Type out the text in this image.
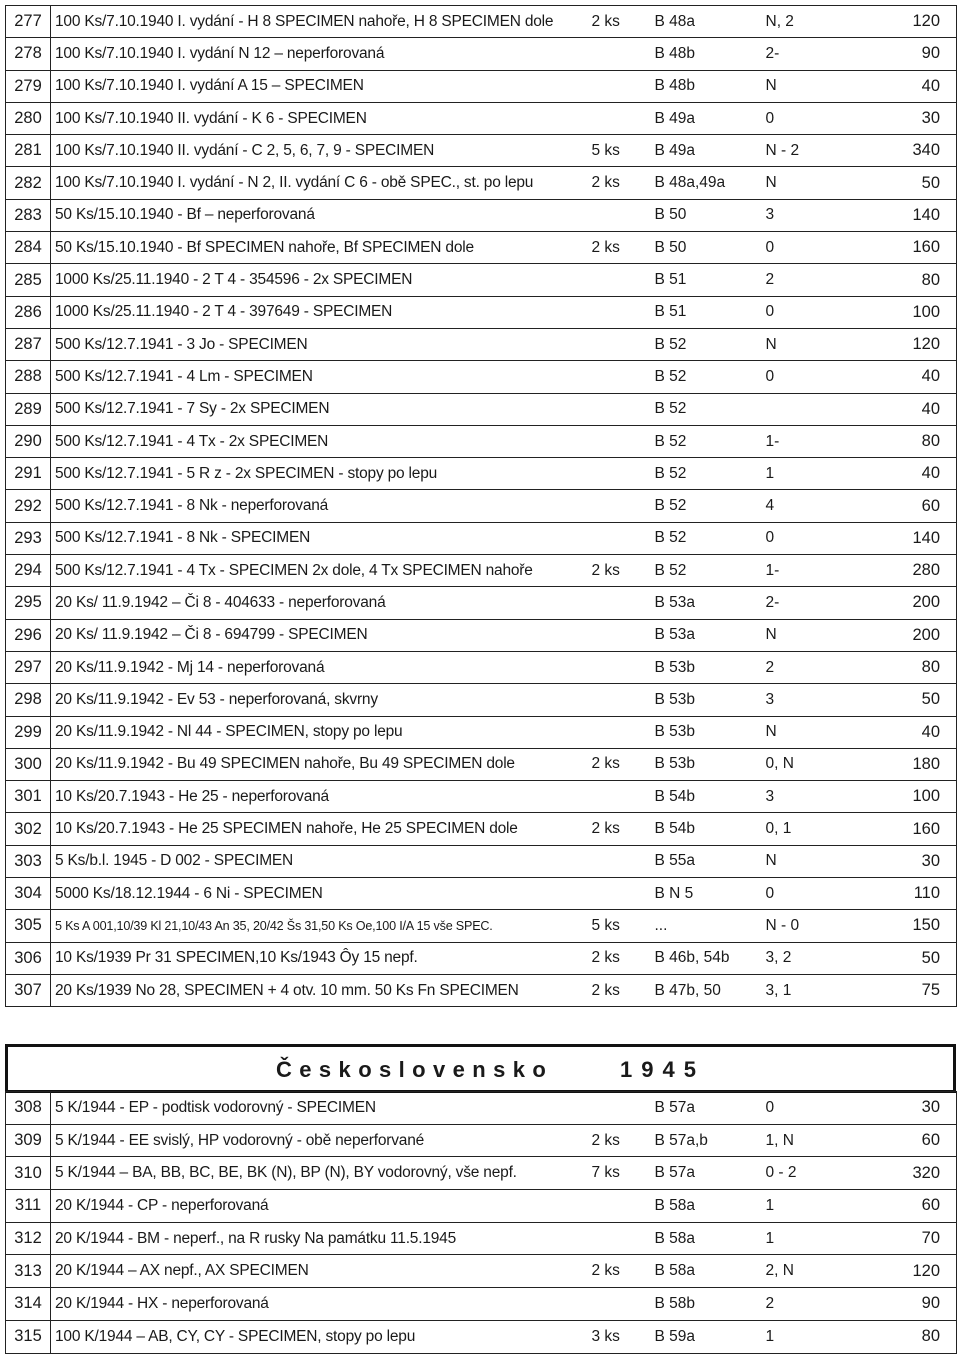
277	100 Ks/7.10.1940 I. vydání - H 8 SPECIMEN nahoře, H 8 SPECIMEN dole	2 ks	B 48a	N, 2	120
278	100 Ks/7.10.1940 I. vydání N 12 – neperforovaná		B 48b	2-	90
279	100 Ks/7.10.1940 I. vydání A 15 – SPECIMEN		B 48b	N	40
280	100 Ks/7.10.1940 II. vydání - K 6 - SPECIMEN		B 49a	0	30
281	100 Ks/7.10.1940 II. vydání - C 2, 5, 6, 7, 9 - SPECIMEN	5 ks	B 49a	N - 2	340
282	100 Ks/7.10.1940 I. vydání - N 2, II. vydání C 6 - obě SPEC., st. po lepu	2 ks	B 48a,49a	N	50
283	50 Ks/15.10.1940 - Bf – neperforovaná		B 50	3	140
284	50 Ks/15.10.1940 - Bf SPECIMEN nahoře, Bf SPECIMEN dole	2 ks	B 50	0	160
285	1000 Ks/25.11.1940 - 2 T 4 - 354596 - 2x SPECIMEN		B 51	2	80
286	1000 Ks/25.11.1940 - 2 T 4 - 397649 - SPECIMEN		B 51	0	100
287	500 Ks/12.7.1941 - 3 Jo - SPECIMEN		B 52	N	120
288	500 Ks/12.7.1941 - 4 Lm - SPECIMEN		B 52	0	40
289	500 Ks/12.7.1941 - 7 Sy - 2x SPECIMEN		B 52		40
290	500 Ks/12.7.1941 - 4 Tx - 2x SPECIMEN		B 52	1-	80
291	500 Ks/12.7.1941 - 5 R z - 2x SPECIMEN - stopy po lepu		B 52	1	40
292	500 Ks/12.7.1941 - 8 Nk - neperforovaná		B 52	4	60
293	500 Ks/12.7.1941 - 8 Nk - SPECIMEN		B 52	0	140
294	500 Ks/12.7.1941 - 4 Tx - SPECIMEN 2x dole, 4 Tx SPECIMEN nahoře	2 ks	B 52	1-	280
295	20 Ks/ 11.9.1942 – Či 8 - 404633 - neperforovaná		B 53a	2-	200
296	20 Ks/ 11.9.1942 – Či 8 - 694799 - SPECIMEN		B 53a	N	200
297	20 Ks/11.9.1942 - Mj 14 - neperforovaná		B 53b	2	80
298	20 Ks/11.9.1942 - Ev 53 - neperforovaná, skvrny		B 53b	3	50
299	20 Ks/11.9.1942 - Nl 44 - SPECIMEN, stopy po lepu		B 53b	N	40
300	20 Ks/11.9.1942 - Bu 49 SPECIMEN nahoře, Bu 49 SPECIMEN dole	2 ks	B 53b	0, N	180
301	10 Ks/20.7.1943 - He 25 - neperforovaná		B 54b	3	100
302	10 Ks/20.7.1943 - He 25 SPECIMEN nahoře, He 25 SPECIMEN dole	2 ks	B 54b	0, 1	160
303	5 Ks/b.l. 1945 - D 002 - SPECIMEN		B 55a	N	30
304	5000 Ks/18.12.1944 - 6 Ni - SPECIMEN		B N 5	0	110
305	5 Ks A 001,10/39 Kl 21,10/43 An 35, 20/42 Šs 31,50 Ks Oe,100 I/A 15 vše SPEC.	5 ks	...	N - 0	150
306	10 Ks/1939 Pr 31 SPECIMEN,10 Ks/1943 Ôy 15 nepf.	2 ks	B 46b, 54b	3, 2	50
307	20 Ks/1939 No 28, SPECIMEN + 4 otv. 10 mm. 50 Ks Fn SPECIMEN	2 ks	B 47b, 50	3, 1	75
Československo	1945
308	5 K/1944 - EP - podtisk vodorovný - SPECIMEN		B 57a	0	30
309	5 K/1944 - EE svislý, HP vodorovný - obě neperforvané	2 ks	B 57a,b	1, N	60
310	5 K/1944 – BA, BB, BC, BE, BK (N), BP (N), BY vodorovný, vše nepf.	7 ks	B 57a	0 - 2	320
311	20 K/1944 - CP - neperforovaná		B 58a	1	60
312	20 K/1944 - BM - neperf., na R rusky Na památku 11.5.1945		B 58a	1	70
313	20 K/1944 – AX nepf., AX SPECIMEN	2 ks	B 58a	2, N	120
314	20 K/1944 - HX - neperforovaná		B 58b	2	90
315	100 K/1944 – AB, CY, CY - SPECIMEN, stopy po lepu	3 ks	B 59a	1	80
